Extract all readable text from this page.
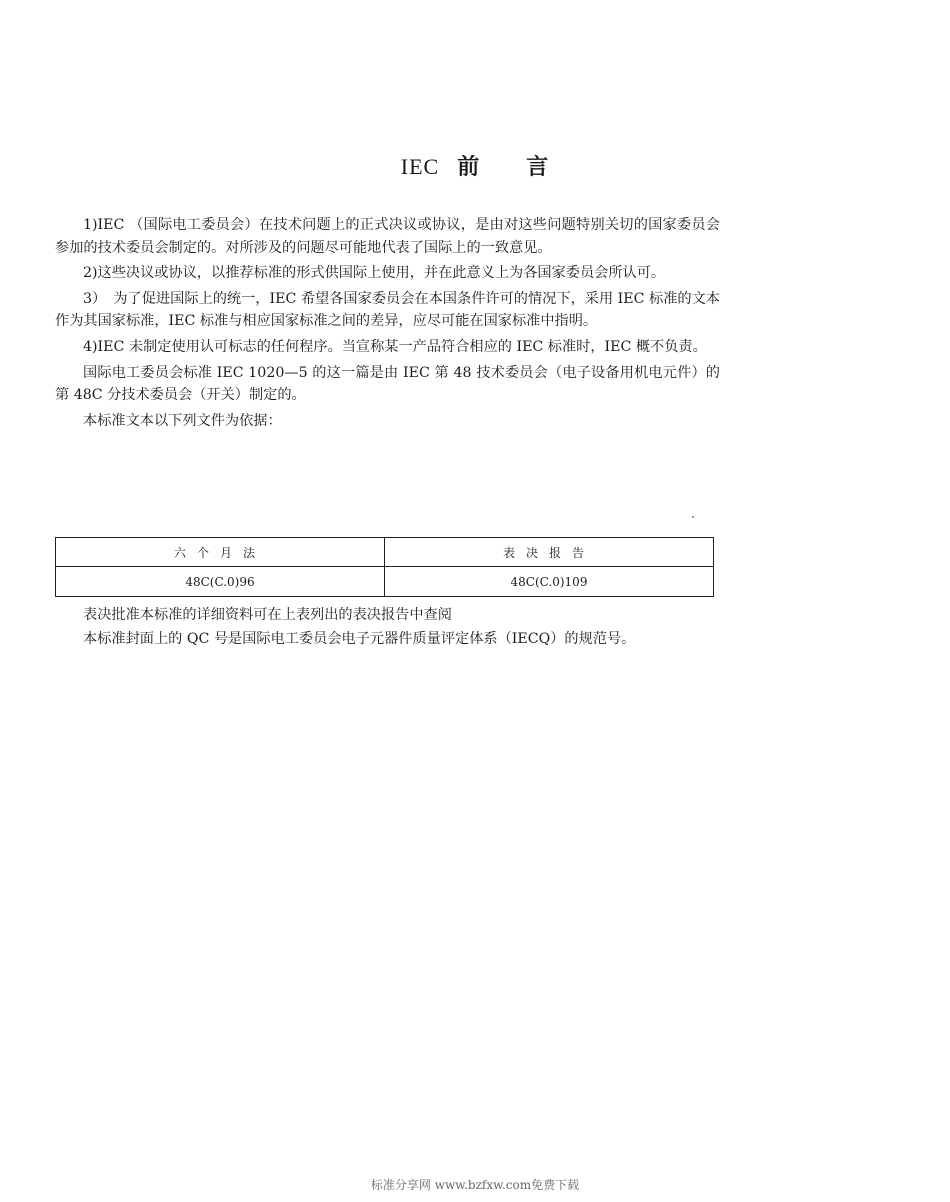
IEC 前 言

1)IEC （国际电工委员会）在技术问题上的正式决议或协议，是由对这些问题特别关切的国家委员会参加的技术委员会制定的。对所涉及的问题尽可能地代表了国际上的一致意见。

2)这些决议或协议，以推荐标准的形式供国际上使用，并在此意义上为各国家委员会所认可。

3）　为了促进国际上的统一，IEC 希望各国家委员会在本国条件许可的情况下，采用 IEC 标准的文本作为其国家标准，IEC 标准与相应国家标准之间的差异，应尽可能在国家标准中指明。

4)IEC 未制定使用认可标志的任何程序。当宣称某一产品符合相应的 IEC 标准时，IEC 概不负责。

国际电工委员会标准 IEC 1020—5 的这一篇是由 IEC 第 48 技术委员会（电子设备用机电元件）的第 48C 分技术委员会（开关）制定的。

本标准文本以下列文件为依据：

六个月法	表决报告
48C(C.0)96	48C(C.0)109

表决批准本标准的详细资料可在上表列出的表决报告中查阅

本标准封面上的 QC 号是国际电工委员会电子元器件质量评定体系（IECQ）的规范号。

标准分享网 www.bzfxw.com免费下载
